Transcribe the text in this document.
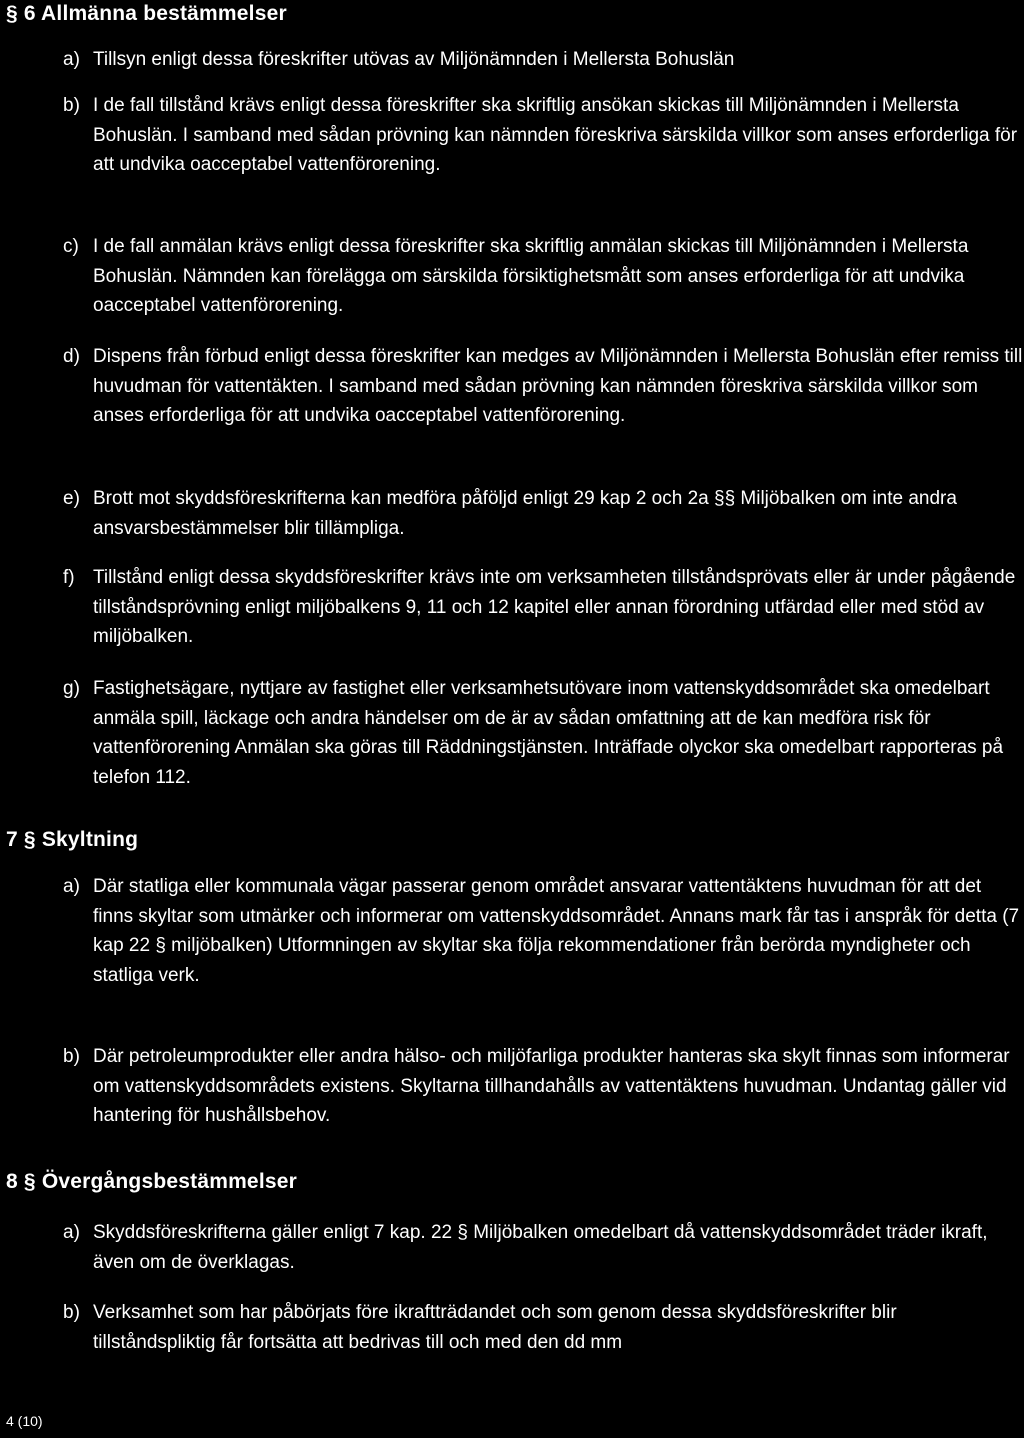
§ 6 Allmänna bestämmelser
a) Tillsyn enligt dessa föreskrifter utövas av Miljönämnden i Mellersta Bohuslän
b) I de fall tillstånd krävs enligt dessa föreskrifter ska skriftlig ansökan skickas till Miljönämnden i Mellersta Bohuslän. I samband med sådan prövning kan nämnden föreskriva särskilda villkor som anses erforderliga för att undvika oacceptabel vattenförorening.
c) I de fall anmälan krävs enligt dessa föreskrifter ska skriftlig anmälan skickas till Miljönämnden i Mellersta Bohuslän. Nämnden kan förelägga om särskilda försiktighetsmått som anses erforderliga för att undvika oacceptabel vattenförorening.
d) Dispens från förbud enligt dessa föreskrifter kan medges av Miljönämnden i Mellersta Bohuslän efter remiss till huvudman för vattentäkten. I samband med sådan prövning kan nämnden föreskriva särskilda villkor som anses erforderliga för att undvika oacceptabel vattenförorening.
e) Brott mot skyddsföreskrifterna kan medföra påföljd enligt 29 kap 2 och 2a §§ Miljöbalken om inte andra ansvarsbestämmelser blir tillämpliga.
f) Tillstånd enligt dessa skyddsföreskrifter krävs inte om verksamheten tillståndsprövats eller är under pågående tillståndsprövning enligt miljöbalkens 9, 11 och 12 kapitel eller annan förordning utfärdad eller med stöd av miljöbalken.
g) Fastighetsägare, nyttjare av fastighet eller verksamhetsutövare inom vattenskyddsområdet ska omedelbart anmäla spill, läckage och andra händelser om de är av sådan omfattning att de kan medföra risk för vattenförorening Anmälan ska göras till Räddningstjänsten. Inträffade olyckor ska omedelbart rapporteras på telefon 112.
7 § Skyltning
a) Där statliga eller kommunala vägar passerar genom området ansvarar vattentäktens huvudman för att det finns skyltar som utmärker och informerar om vattenskyddsområdet. Annans mark får tas i anspråk för detta (7 kap 22 § miljöbalken) Utformningen av skyltar ska följa rekommendationer från berörda myndigheter och statliga verk.
b) Där petroleumprodukter eller andra hälso- och miljöfarliga produkter hanteras ska skylt finnas som informerar om vattenskyddsområdets existens. Skyltarna tillhandahålls av vattentäktens huvudman. Undantag gäller vid hantering för hushållsbehov.
8 § Övergångsbestämmelser
a) Skyddsföreskrifterna gäller enligt 7 kap. 22 § Miljöbalken omedelbart då vattenskyddsområdet träder ikraft, även om de överklagas.
b) Verksamhet som har påbörjats före ikraftträdandet och som genom dessa skyddsföreskrifter blir tillståndspliktig får fortsätta att bedrivas till och med den dd mm
4 (10)
